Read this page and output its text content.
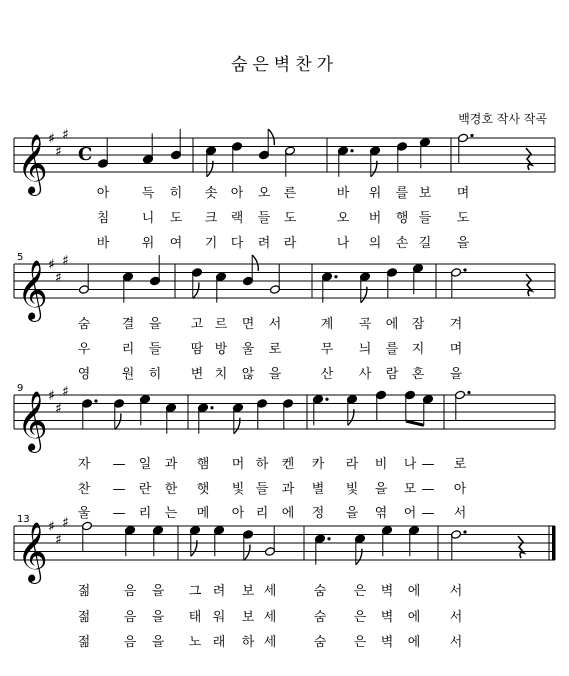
숨은벽찬가
백경호 작사 작곡
5
9
13
𝄞 ♯
♯
♯
C
𝄞 ♯
♯
♯
𝄞 ♯
♯
♯
𝄞 ♯
♯
♯
아 득 히 솟 아 오 른	바 위 를 보 며
침 니 도 크 랙 들 도	오 버 행 들 도
바 위 여 기 다 려 라	나 의 손 길 을
숨 결 을 고 르 면 서	계 곡 에 잠 겨
우 리 들 땀 방 울 로	무 늬 를 지 며
영 원 히 변 치 않 을	산 사 람 혼 을
자 — 일 과 햄 머 하 켄 카 라 비 나 — 로
찬 — 란 한 햇 빛 들 과 별 빛 을 모 — 아
울 — 리 는 메 아 리 에 정 을 엮 어 — 서
젊	음 을 그 려 보 세	숨 은 벽 에 서
젊	음 을 태 워 보 세	숨 은 벽 에 서
젊	음 을 노 래 하 세	숨 은 벽 에 서
